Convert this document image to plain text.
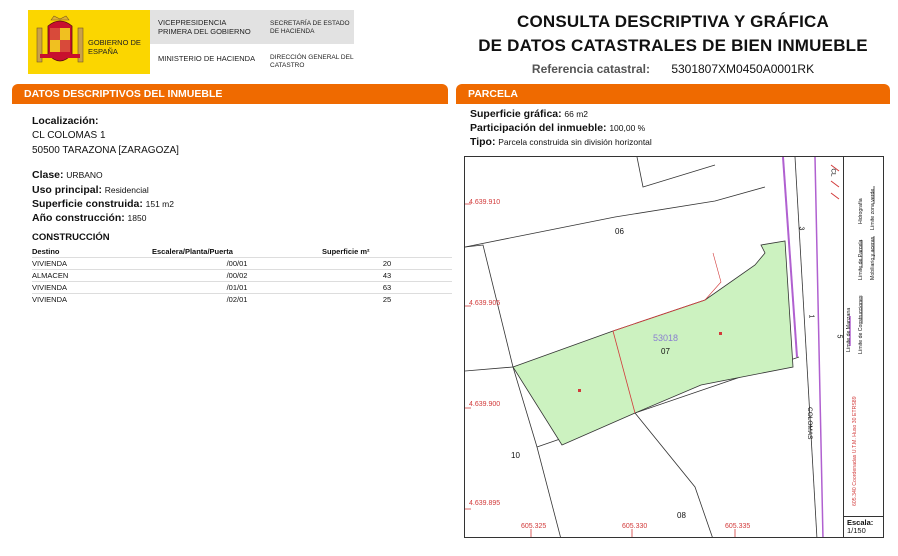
GOBIERNO DE ESPAÑA
VICEPRESIDENCIA PRIMERA DEL GOBIERNO
MINISTERIO DE HACIENDA
SECRETARÍA DE ESTADO DE HACIENDA
DIRECCIÓN GENERAL DEL CATASTRO
CONSULTA DESCRIPTIVA Y GRÁFICA
DE DATOS CATASTRALES DE BIEN INMUEBLE
Referencia catastral: 5301807XM0450A0001RK
DATOS DESCRIPTIVOS DEL INMUEBLE
Localización:
CL COLOMAS 1
50500 TARAZONA [ZARAGOZA]
Clase: URBANO
Uso principal: Residencial
Superficie construida: 151 m2
Año construcción: 1850
CONSTRUCCIÓN
Destino	Escalera/Planta/Puerta	Superficie m²
VIVIENDA	/00/01	20
ALMACEN	/00/02	43
VIVIENDA	/01/01	63
VIVIENDA	/02/01	25
PARCELA
Superficie gráfica: 66 m2
Participación del inmueble: 100,00 %
Tipo: Parcela construida sin división horizontal
4.639.910
4.639.905
4.639.900
4.639.895
605.325	605.330	605.335
06
07
10
08
5
1
3
53018
COLOMAS
CL
Límite de Manzana
Límite de Parcela
Límite de Construcciones
Mobiliario y aceras
Límite zona verde
Hidrografía
605.340 Coordenadas U.T.M. Huso 30 ETRS89
Escala:
1/150
